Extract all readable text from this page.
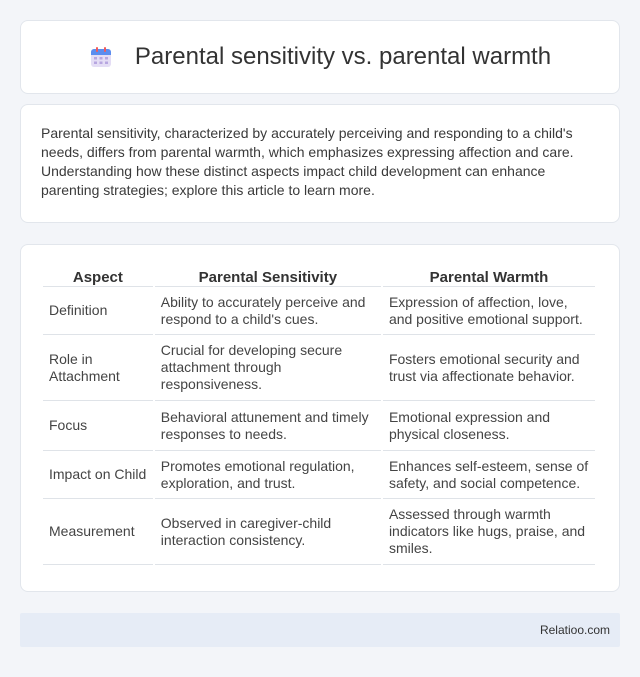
Parental sensitivity vs. parental warmth

Parental sensitivity, characterized by accurately perceiving and responding to a child's needs, differs from parental warmth, which emphasizes expressing affection and care. Understanding how these distinct aspects impact child development can enhance parenting strategies; explore this article to learn more.

Aspect	Parental Sensitivity	Parental Warmth
Definition	Ability to accurately perceive and respond to a child's cues.	Expression of affection, love, and positive emotional support.
Role in Attachment	Crucial for developing secure attachment through responsiveness.	Fosters emotional security and trust via affectionate behavior.
Focus	Behavioral attunement and timely responses to needs.	Emotional expression and physical closeness.
Impact on Child	Promotes emotional regulation, exploration, and trust.	Enhances self-esteem, sense of safety, and social competence.
Measurement	Observed in caregiver-child interaction consistency.	Assessed through warmth indicators like hugs, praise, and smiles.
Relatioo.com
